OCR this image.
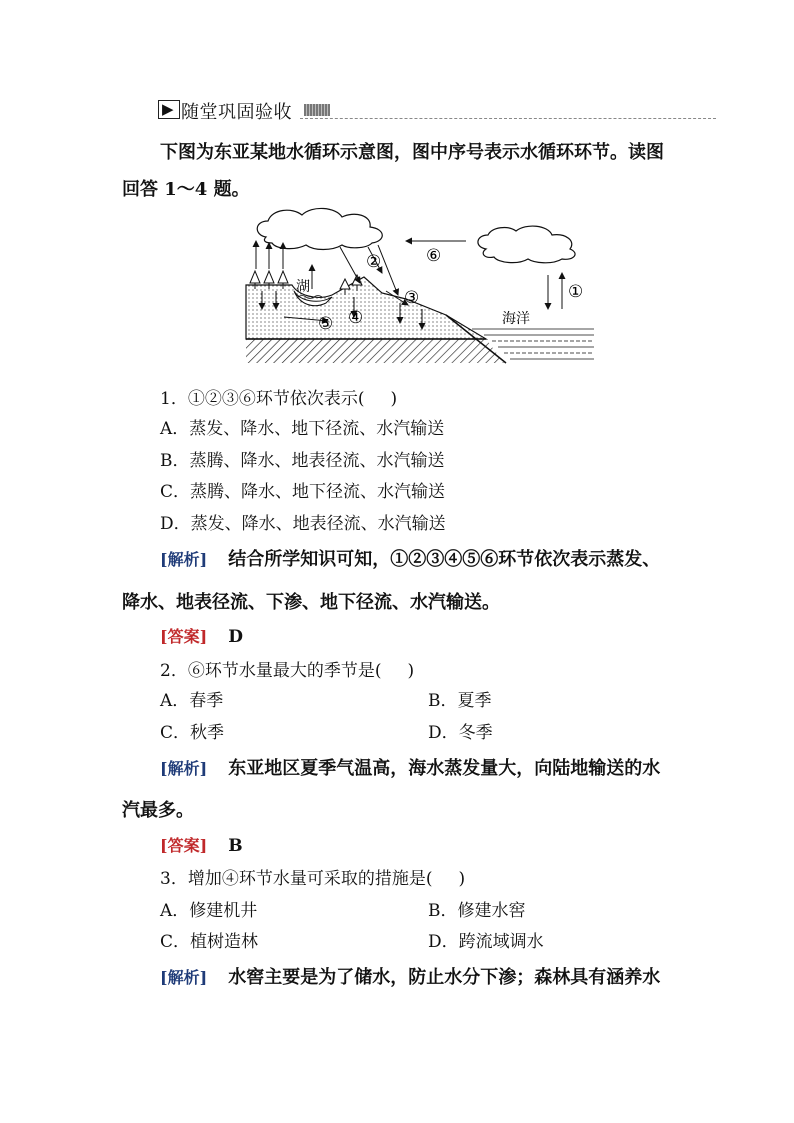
▶ 随堂巩固验收
下图为东亚某地水循环示意图，图中序号表示水循环环节。读图
回答 1～4 题。
湖
海洋
①
②
③
④
⑤
⑥
1．①②③⑥环节依次表示( )
A．蒸发、降水、地下径流、水汽输送
B．蒸腾、降水、地表径流、水汽输送
C．蒸腾、降水、地下径流、水汽输送
D．蒸发、降水、地表径流、水汽输送
[解析] 结合所学知识可知，①②③④⑤⑥环节依次表示蒸发、
降水、地表径流、下渗、地下径流、水汽输送。
[答案] D
2．⑥环节水量最大的季节是( )
A．春季	B．夏季
C．秋季	D．冬季
[解析] 东亚地区夏季气温高，海水蒸发量大，向陆地输送的水
汽最多。
[答案] B
3．增加④环节水量可采取的措施是( )
A．修建机井	B．修建水窖
C．植树造林	D．跨流域调水
[解析] 水窖主要是为了储水，防止水分下渗；森林具有涵养水
